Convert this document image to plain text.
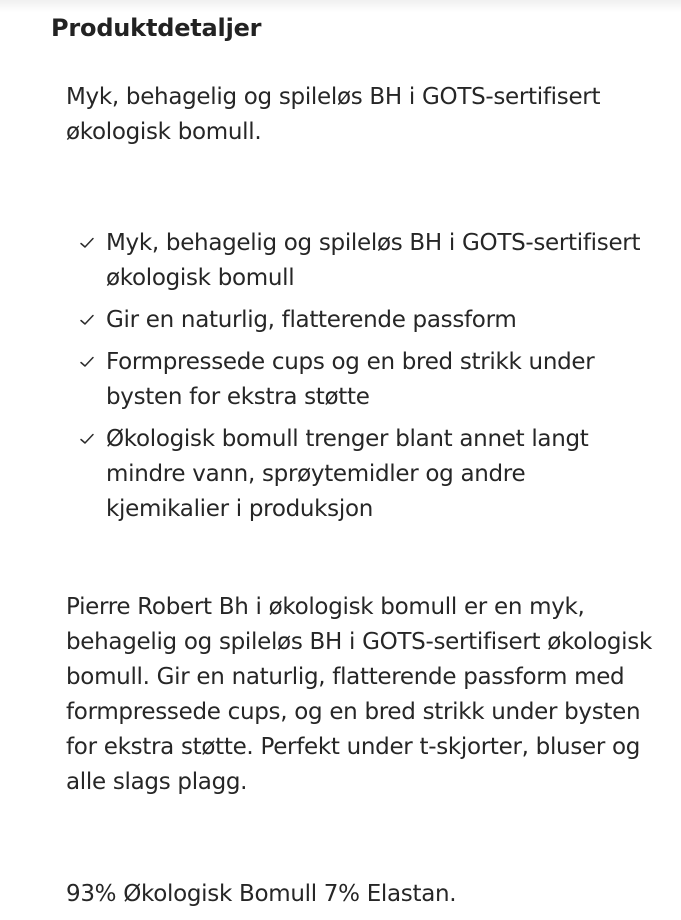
Produktdetaljer

Myk, behagelig og spileløs BH i GOTS-sertifisert økologisk bomull.

Myk, behagelig og spileløs BH i GOTS-sertifisert økologisk bomull
Gir en naturlig, flatterende passform
Formpressede cups og en bred strikk under bysten for ekstra støtte
Økologisk bomull trenger blant annet langt mindre vann, sprøytemidler og andre kjemikalier i produksjon

Pierre Robert Bh i økologisk bomull er en myk, behagelig og spileløs BH i GOTS-sertifisert økologisk bomull. Gir en naturlig, flatterende passform med formpressede cups, og en bred strikk under bysten for ekstra støtte. Perfekt under t-skjorter, bluser og alle slags plagg.

93% Økologisk Bomull 7% Elastan.
